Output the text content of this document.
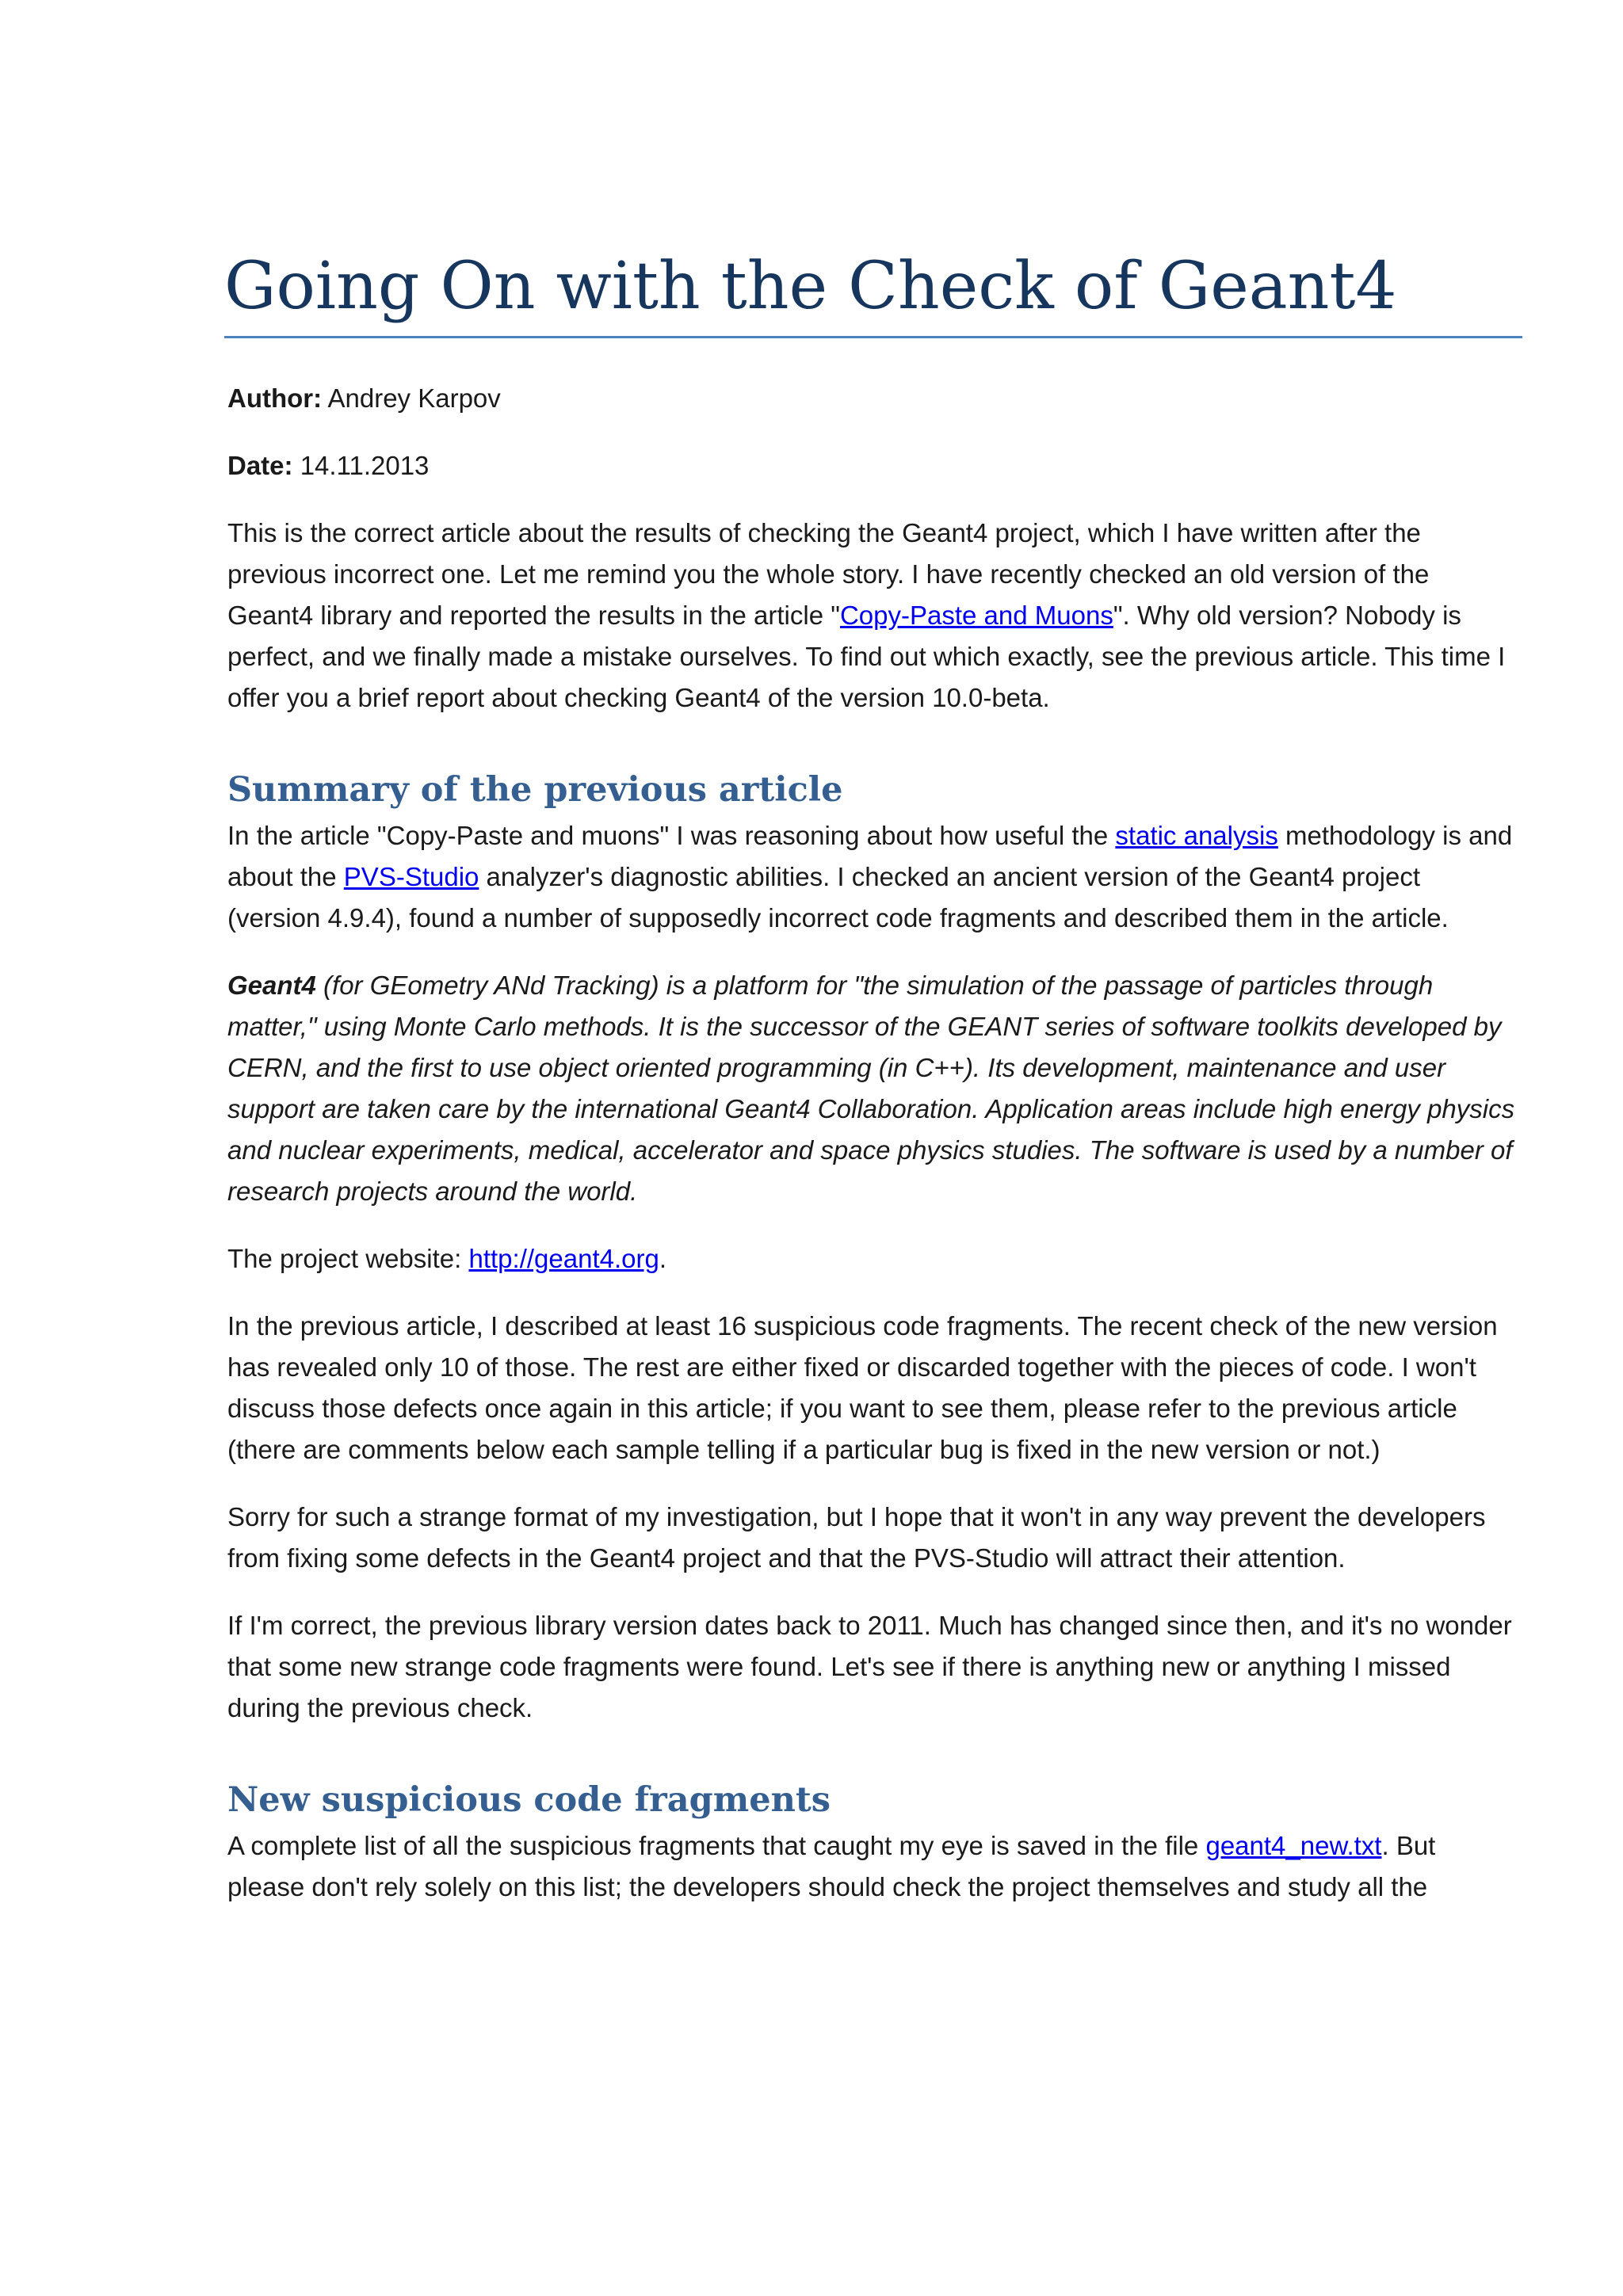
Going On with the Check of Geant4

Author: Andrey Karpov

Date: 14.11.2013

This is the correct article about the results of checking the Geant4 project, which I have written after the previous incorrect one. Let me remind you the whole story. I have recently checked an old version of the Geant4 library and reported the results in the article "Copy-Paste and Muons". Why old version? Nobody is perfect, and we finally made a mistake ourselves. To find out which exactly, see the previous article. This time I offer you a brief report about checking Geant4 of the version 10.0-beta.

Summary of the previous article

In the article "Copy-Paste and muons" I was reasoning about how useful the static analysis methodology is and about the PVS-Studio analyzer's diagnostic abilities. I checked an ancient version of the Geant4 project (version 4.9.4), found a number of supposedly incorrect code fragments and described them in the article.

Geant4 (for GEometry ANd Tracking) is a platform for "the simulation of the passage of particles through matter," using Monte Carlo methods. It is the successor of the GEANT series of software toolkits developed by CERN, and the first to use object oriented programming (in C++). Its development, maintenance and user support are taken care by the international Geant4 Collaboration. Application areas include high energy physics and nuclear experiments, medical, accelerator and space physics studies. The software is used by a number of research projects around the world.

The project website: http://geant4.org.

In the previous article, I described at least 16 suspicious code fragments. The recent check of the new version has revealed only 10 of those. The rest are either fixed or discarded together with the pieces of code. I won't discuss those defects once again in this article; if you want to see them, please refer to the previous article (there are comments below each sample telling if a particular bug is fixed in the new version or not.)

Sorry for such a strange format of my investigation, but I hope that it won't in any way prevent the developers from fixing some defects in the Geant4 project and that the PVS-Studio will attract their attention.

If I'm correct, the previous library version dates back to 2011. Much has changed since then, and it's no wonder that some new strange code fragments were found. Let's see if there is anything new or anything I missed during the previous check.

New suspicious code fragments

A complete list of all the suspicious fragments that caught my eye is saved in the file geant4_new.txt. But please don't rely solely on this list; the developers should check the project themselves and study all the
